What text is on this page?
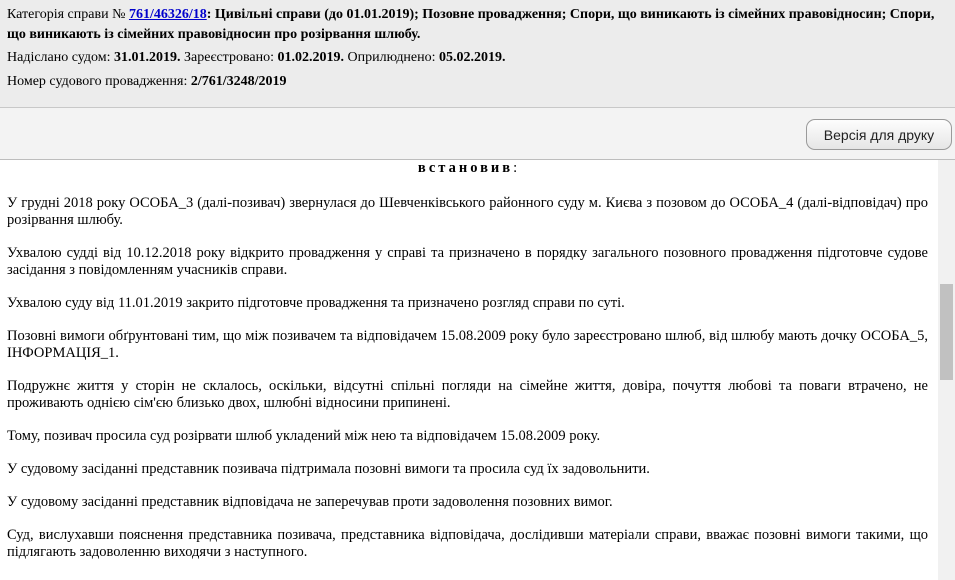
Категорія справи № 761/46326/18: Цивільні справи (до 01.01.2019); Позовне провадження; Спори, що виникають із сімейних правовідносин; Спори, що виникають із сімейних правовідносин про розірвання шлюбу.
Надіслано судом: 31.01.2019. Зареєстровано: 01.02.2019. Оприлюднено: 05.02.2019.
Номер судового провадження: 2/761/3248/2019
Версія для друку
встановив:

У грудні 2018 року ОСОБА_3 (далі-позивач) звернулася до Шевченківського районного суду м. Києва з позовом до ОСОБА_4 (далі-відповідач) про розірвання шлюбу.

Ухвалою судді від 10.12.2018 року відкрито провадження у справі та призначено в порядку загального позовного провадження підготовче судове засідання з повідомленням учасників справи.

Ухвалою суду від 11.01.2019 закрито підготовче провадження та призначено розгляд справи по суті.

Позовні вимоги обґрунтовані тим, що між позивачем та відповідачем 15.08.2009 року було зареєстровано шлюб, від шлюбу мають дочку ОСОБА_5, ІНФОРМАЦІЯ_1.

Подружнє життя у сторін не склалось, оскільки, відсутні спільні погляди на сімейне життя, довіра, почуття любові та поваги втрачено, не проживають однією сім'єю близько двох, шлюбні відносини припинені.

Тому, позивач просила суд розірвати шлюб укладений між нею та відповідачем 15.08.2009 року.

У судовому засіданні представник позивача підтримала позовні вимоги та просила суд їх задовольнити.

У судовому засіданні представник відповідача не заперечував проти задоволення позовних вимог.

Суд, вислухавши пояснення представника позивача, представника відповідача, дослідивши матеріали справи, вважає позовні вимоги такими, що підлягають задоволенню виходячи з наступного.
